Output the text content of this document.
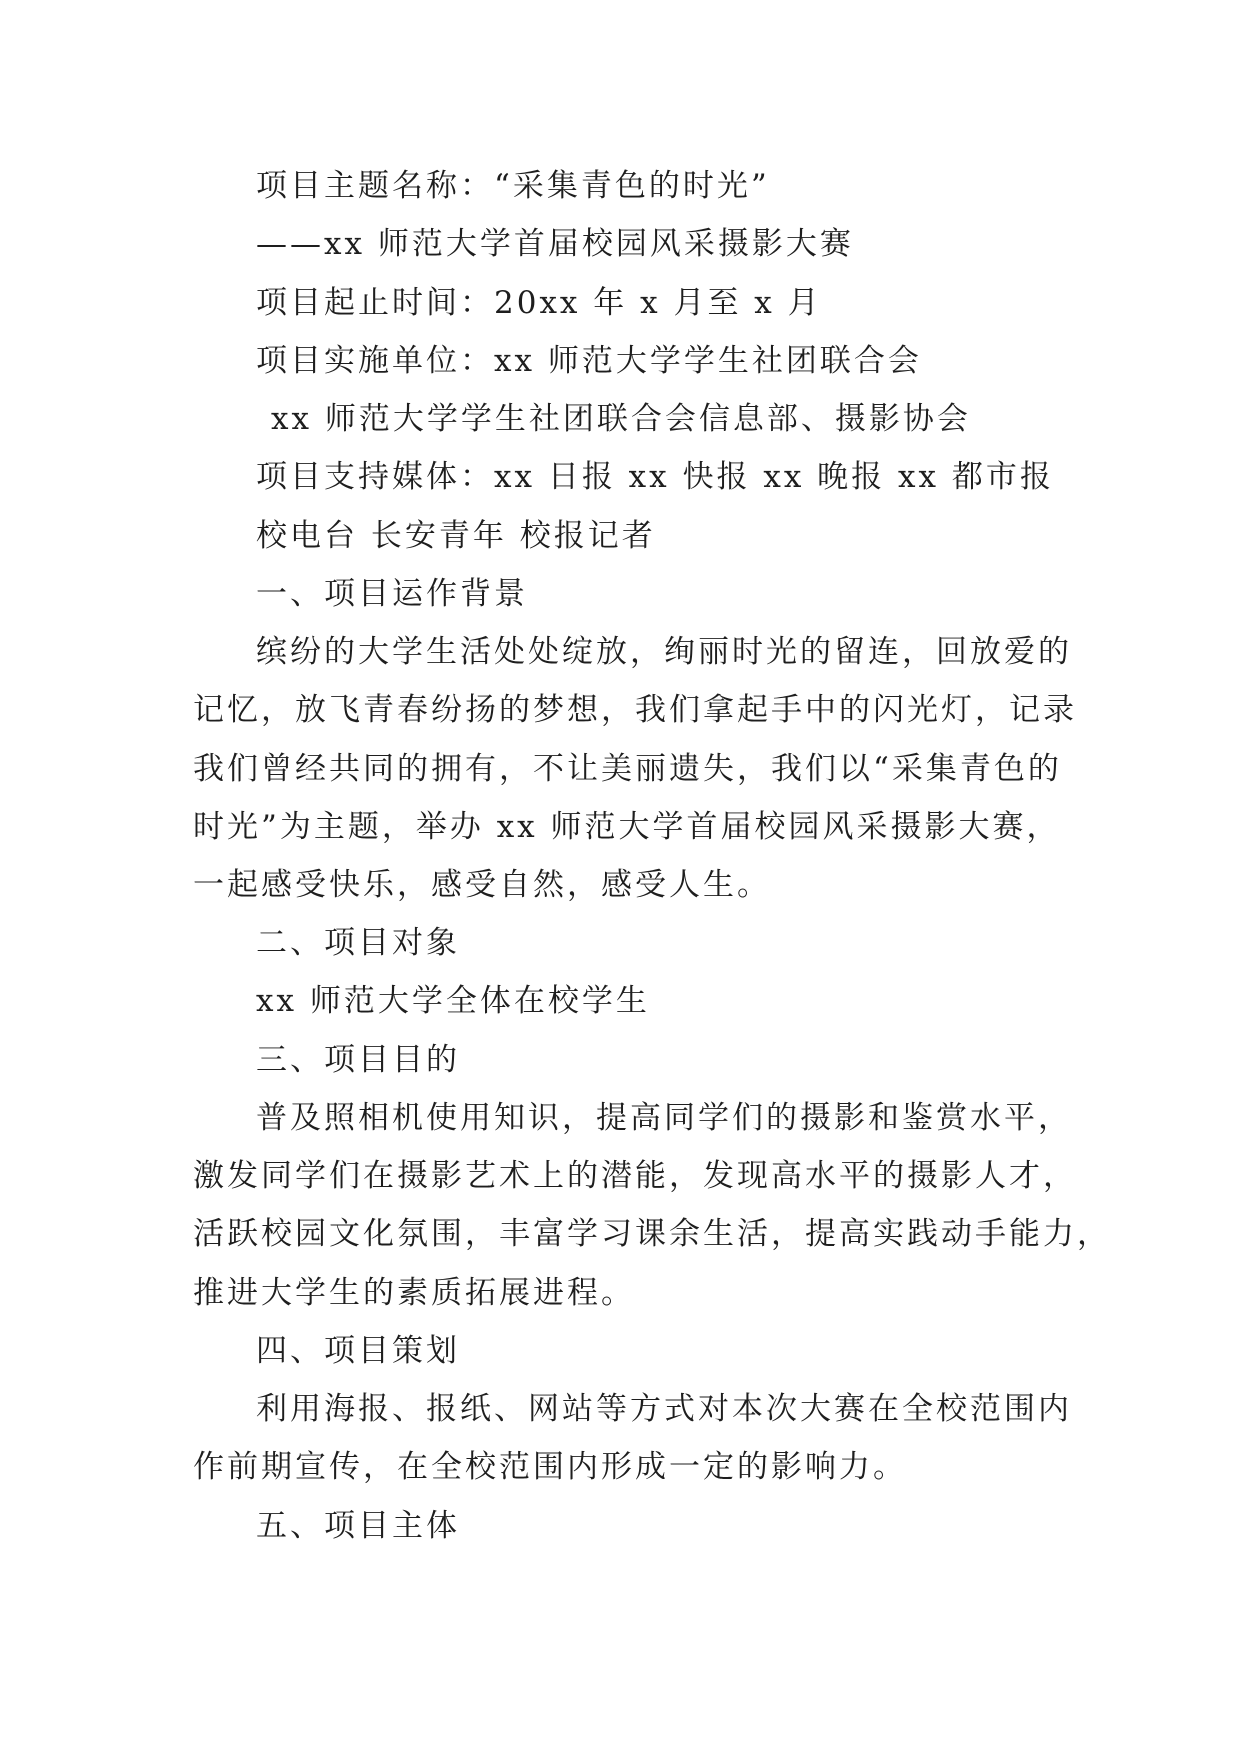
项目主题名称：“采集青色的时光”
——xx 师范大学首届校园风采摄影大赛
项目起止时间：20xx 年 x 月至 x 月
项目实施单位：xx 师范大学学生社团联合会
xx 师范大学学生社团联合会信息部、摄影协会
项目支持媒体：xx 日报 xx 快报 xx 晚报 xx 都市报
校电台 长安青年 校报记者
一、项目运作背景
缤纷的大学生活处处绽放，绚丽时光的留连，回放爱的
记忆，放飞青春纷扬的梦想，我们拿起手中的闪光灯，记录
我们曾经共同的拥有，不让美丽遗失，我们以“采集青色的
时光”为主题，举办 xx 师范大学首届校园风采摄影大赛，
一起感受快乐，感受自然，感受人生。
二、项目对象
xx 师范大学全体在校学生
三、项目目的
普及照相机使用知识，提高同学们的摄影和鉴赏水平，
激发同学们在摄影艺术上的潜能，发现高水平的摄影人才，
活跃校园文化氛围，丰富学习课余生活，提高实践动手能力，
推进大学生的素质拓展进程。
四、项目策划
利用海报、报纸、网站等方式对本次大赛在全校范围内
作前期宣传，在全校范围内形成一定的影响力。
五、项目主体
